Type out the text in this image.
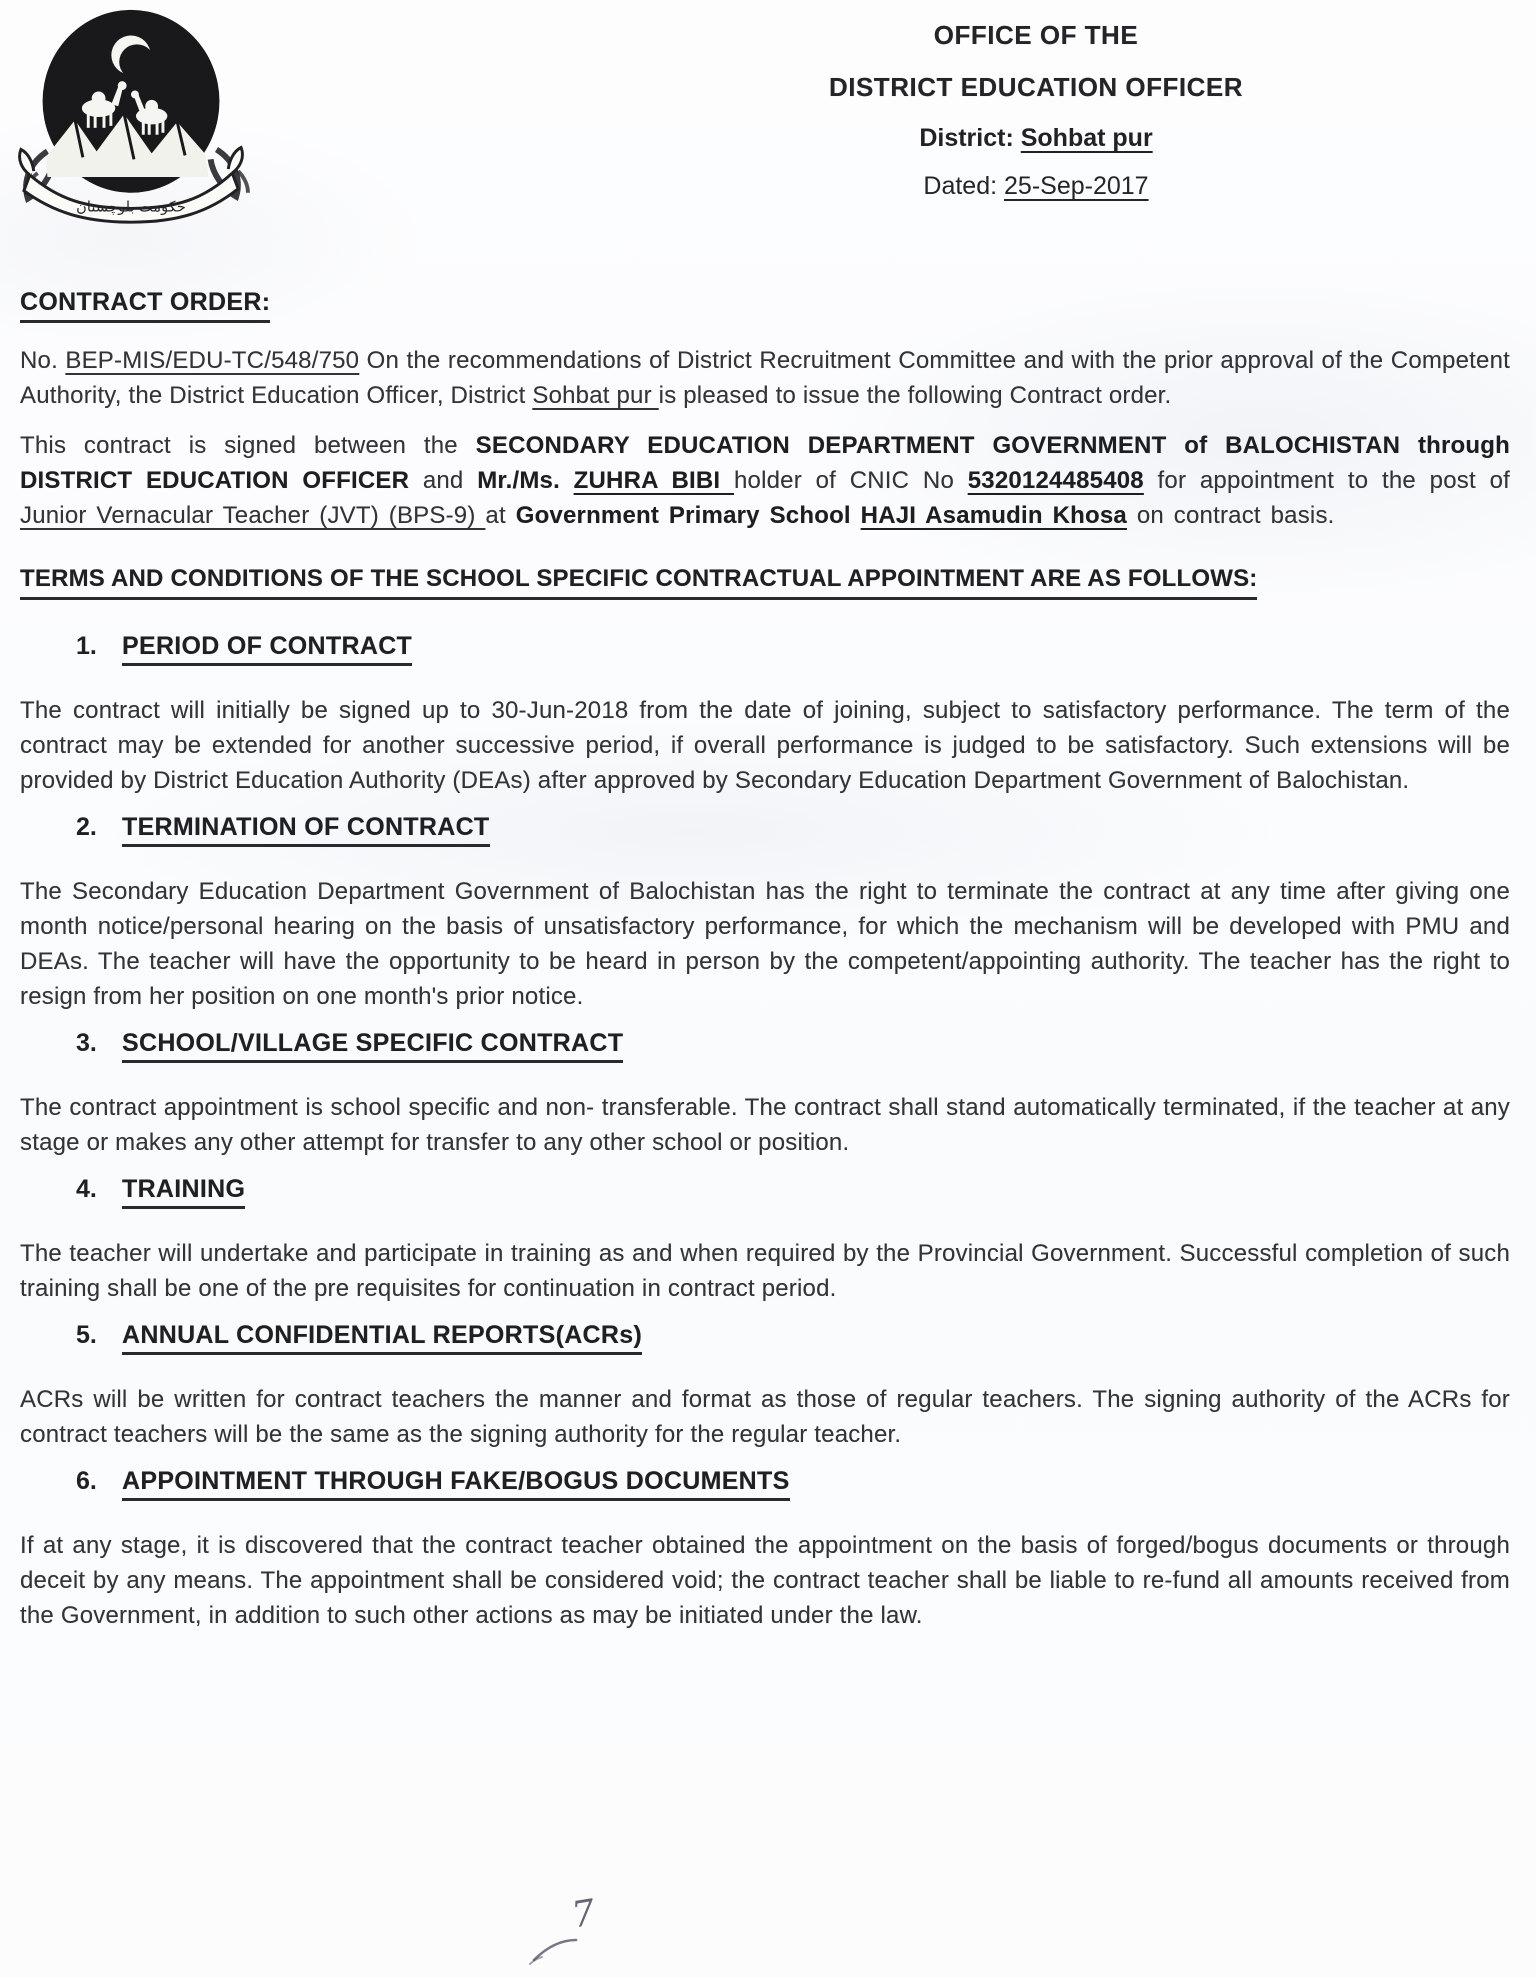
حکومت بلوچستان
OFFICE OF THE
DISTRICT EDUCATION OFFICER
District: Sohbat pur
Dated: 25-Sep-2017
CONTRACT ORDER:

No. BEP-MIS/EDU-TC/548/750 On the recommendations of District Recruitment Committee and with the prior approval of the Competent Authority, the District Education Officer, District Sohbat pur is pleased to issue the following Contract order.

This contract is signed between the SECONDARY EDUCATION DEPARTMENT GOVERNMENT of BALOCHISTAN through DISTRICT EDUCATION OFFICER and Mr./Ms. ZUHRA BIBI holder of CNIC No 5320124485408 for appointment to the post of Junior Vernacular Teacher (JVT) (BPS-9) at Government Primary School HAJI Asamudin Khosa on contract basis.

TERMS AND CONDITIONS OF THE SCHOOL SPECIFIC CONTRACTUAL APPOINTMENT ARE AS FOLLOWS:
1. PERIOD OF CONTRACT

The contract will initially be signed up to 30-Jun-2018 from the date of joining, subject to satisfactory performance. The term of the contract may be extended for another successive period, if overall performance is judged to be satisfactory. Such extensions will be provided by District Education Authority (DEAs) after approved by Secondary Education Department Government of Balochistan.

2. TERMINATION OF CONTRACT

The Secondary Education Department Government of Balochistan has the right to terminate the contract at any time after giving one month notice/personal hearing on the basis of unsatisfactory performance, for which the mechanism will be developed with PMU and DEAs. The teacher will have the opportunity to be heard in person by the competent/appointing authority. The teacher has the right to resign from her position on one month's prior notice.

3. SCHOOL/VILLAGE SPECIFIC CONTRACT

The contract appointment is school specific and non- transferable. The contract shall stand automatically terminated, if the teacher at any stage or makes any other attempt for transfer to any other school or position.

4. TRAINING

The teacher will undertake and participate in training as and when required by the Provincial Government. Successful completion of such training shall be one of the pre requisites for continuation in contract period.

5. ANNUAL CONFIDENTIAL REPORTS(ACRs)

ACRs will be written for contract teachers the manner and format as those of regular teachers. The signing authority of the ACRs for contract teachers will be the same as the signing authority for the regular teacher.

6. APPOINTMENT THROUGH FAKE/BOGUS DOCUMENTS

If at any stage, it is discovered that the contract teacher obtained the appointment on the basis of forged/bogus documents or through deceit by any means. The appointment shall be considered void; the contract teacher shall be liable to re-fund all amounts received from the Government, in addition to such other actions as may be initiated under the law.

7
